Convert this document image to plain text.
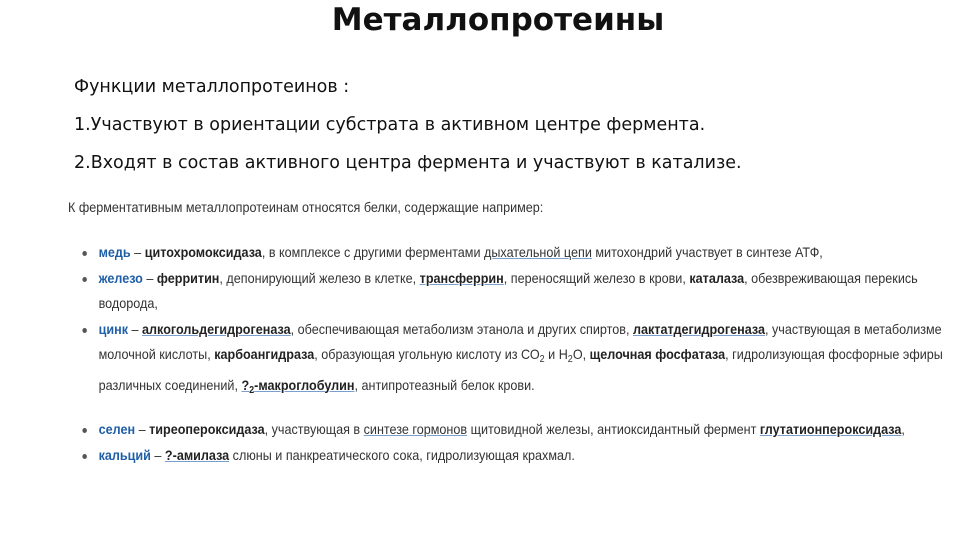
Металлопротеины
Функции металлопротеинов :
1.Участвуют в ориентации субстрата в активном центре фермента.
2.Входят в состав активного центра фермента и участвуют в катализе.
К ферментативным металлопротеинам относятся белки, содержащие например:
медь – цитохромоксидаза, в комплексе с другими ферментами дыхательной цепи митохондрий участвует в синтезе АТФ,
железо – ферритин, депонирующий железо в клетке, трансферрин, переносящий железо в крови, каталаза, обезвреживающая перекись
водорода,
цинк – алкогольдегидрогеназа, обеспечивающая метаболизм этанола и других спиртов, лактатдегидрогеназа, участвующая в метаболизме
молочной кислоты, карбоангидраза, образующая угольную кислоту из $СО_2$ и $Н_2О$, щелочная фосфатаза, гидролизующая фосфорные эфиры
различных соединений, $?_2$-макроглобулин, антипротеазный белок крови.
селен – тиреопероксидаза, участвующая в синтезе гормонов щитовидной железы, антиоксидантный фермент глутатионпероксидаза,
кальций – ?-амилаза слюны и панкреатического сока, гидролизующая крахмал.
